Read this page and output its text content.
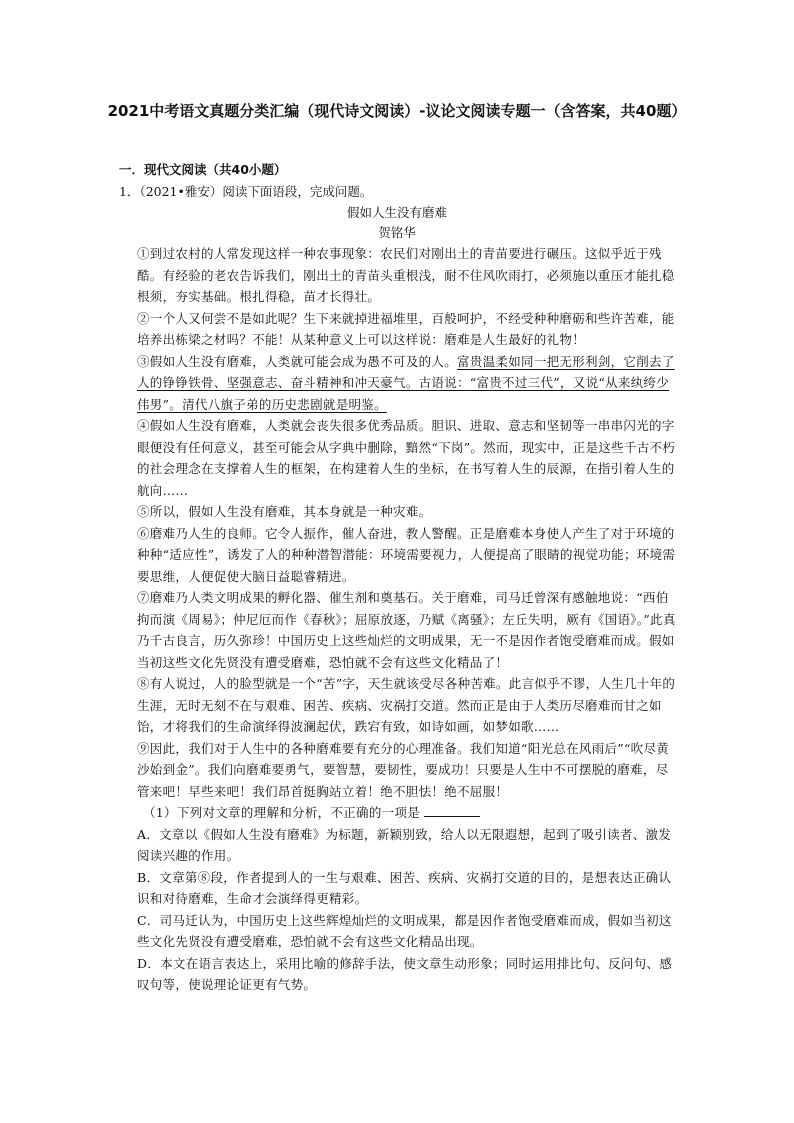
2021中考语文真题分类汇编（现代诗文阅读）-议论文阅读专题一（含答案，共40题）
一．现代文阅读（共40小题）
1．（2021•雅安）阅读下面语段，完成问题。
假如人生没有磨难
贺铭华

①到过农村的人常发现这样一种农事现象：农民们对刚出土的青苗要进行碾压。这似乎近于残酷。有经验的老农告诉我们，刚出土的青苗头重根浅，耐不住风吹雨打，必须施以重压才能扎稳根须，夯实基础。根扎得稳，苗才长得壮。

②一个人又何尝不是如此呢？生下来就掉进福堆里，百般呵护，不经受种种磨砺和些许苦难，能培养出栋梁之材吗？不能！从某种意义上可以这样说：磨难是人生最好的礼物！

③假如人生没有磨难，人类就可能会成为愚不可及的人。富贵温柔如同一把无形利剑，它削去了人的铮铮铁骨、坚强意志、奋斗精神和冲天豪气。古语说：“富贵不过三代”，又说“从来纨绔少伟男”。清代八旗子弟的历史悲剧就是明鉴。

④假如人生没有磨难，人类就会丧失很多优秀品质。胆识、进取、意志和坚韧等一串串闪光的字眼便没有任何意义，甚至可能会从字典中删除，黯然“下岗”。然而，现实中，正是这些千古不朽的社会理念在支撑着人生的框架，在构建着人生的坐标，在书写着人生的辰源，在指引着人生的航向……

⑤所以，假如人生没有磨难，其本身就是一种灾难。

⑥磨难乃人生的良师。它令人振作，催人奋进，教人警醒。正是磨难本身使人产生了对于环境的种种“适应性”，诱发了人的种种潜智潜能：环境需要视力，人便提高了眼睛的视觉功能；环境需要思维，人便促使大脑日益聪睿精进。

⑦磨难乃人类文明成果的孵化器、催生剂和奠基石。关于磨难，司马迁曾深有感触地说：“西伯拘而演《周易》；仲尼厄而作《春秋》；屈原放逐，乃赋《离骚》；左丘失明，厥有《国语》。”此真乃千古良言，历久弥珍！中国历史上这些灿烂的文明成果，无一不是因作者饱受磨难而成。假如当初这些文化先贤没有遭受磨难，恐怕就不会有这些文化精品了！

⑧有人说过，人的脸型就是一个“苦”字，天生就该受尽各种苦难。此言似乎不谬，人生几十年的生涯，无时无刻不在与艰难、困苦、疾病、灾祸打交道。然而正是由于人类历尽磨难而甘之如饴，才将我们的生命演绎得波澜起伏，跌宕有致，如诗如画，如梦如歌……

⑨因此，我们对于人生中的各种磨难要有充分的心理准备。我们知道“阳光总在风雨后”“吹尽黄沙始到金”。我们向磨难要勇气，要智慧，要韧性，要成功！只要是人生中不可摆脱的磨难，尽管来吧！早些来吧！我们昂首挺胸站立着！绝不胆怯！绝不屈服！

（1）下列对文章的理解和分析，不正确的一项是

A．文章以《假如人生没有磨难》为标题，新颖别致，给人以无限遐想，起到了吸引读者、激发阅读兴趣的作用。

B．文章第⑧段，作者提到人的一生与艰难、困苦、疾病、灾祸打交道的目的，是想表达正确认识和对待磨难，生命才会演绎得更精彩。

C．司马迁认为，中国历史上这些辉煌灿烂的文明成果，都是因作者饱受磨难而成，假如当初这些文化先贤没有遭受磨难，恐怕就不会有这些文化精品出现。

D．本文在语言表达上，采用比喻的修辞手法，使文章生动形象；同时运用排比句、反问句、感叹句等，使说理论证更有气势。
